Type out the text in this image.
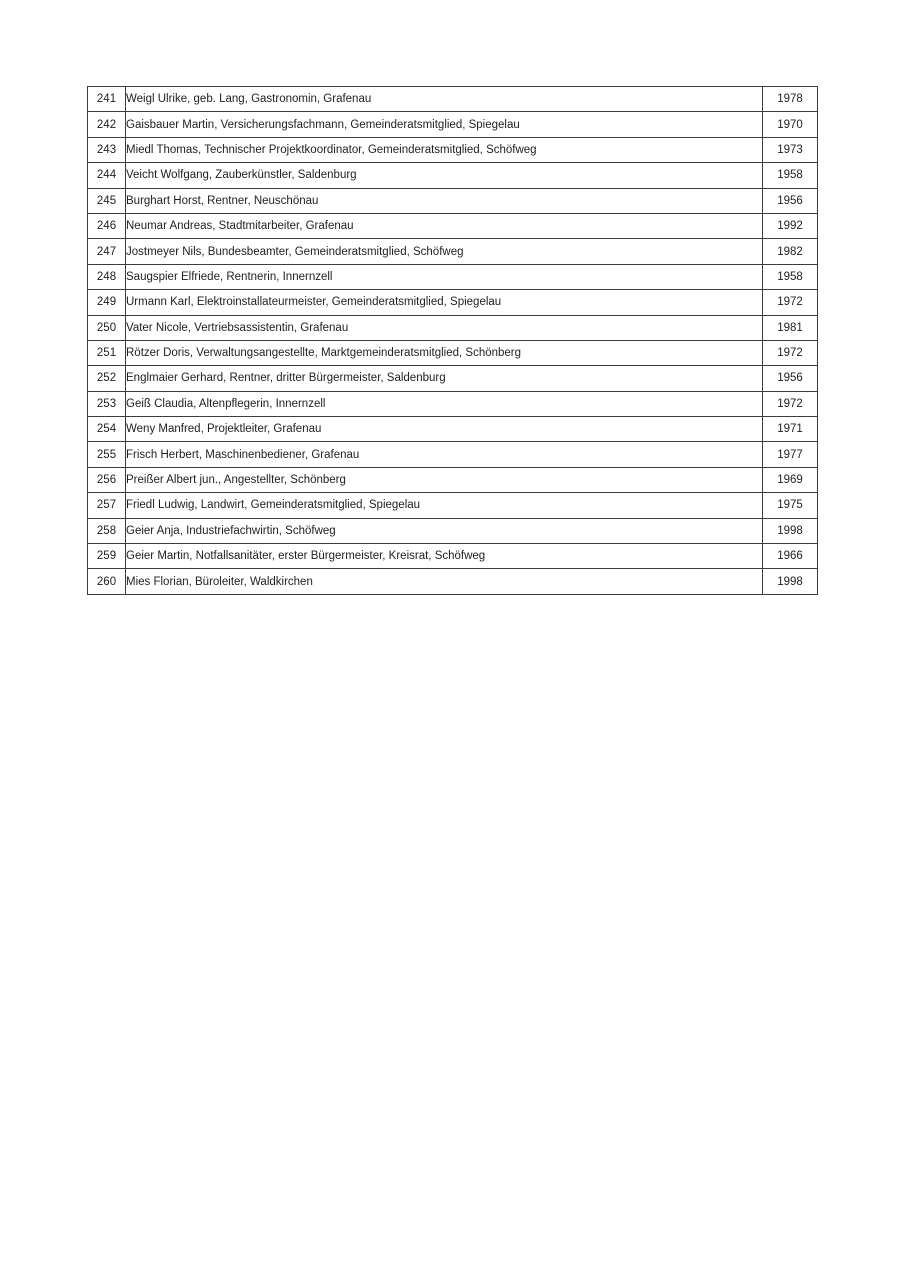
241	Weigl Ulrike, geb. Lang, Gastronomin, Grafenau	1978
242	Gaisbauer Martin, Versicherungsfachmann, Gemeinderatsmitglied, Spiegelau	1970
243	Miedl Thomas, Technischer Projektkoordinator, Gemeinderatsmitglied, Schöfweg	1973
244	Veicht Wolfgang, Zauberkünstler, Saldenburg	1958
245	Burghart Horst, Rentner, Neuschönau	1956
246	Neumar Andreas, Stadtmitarbeiter, Grafenau	1992
247	Jostmeyer Nils, Bundesbeamter, Gemeinderatsmitglied, Schöfweg	1982
248	Saugspier Elfriede, Rentnerin, Innernzell	1958
249	Urmann Karl, Elektroinstallateurmeister, Gemeinderatsmitglied, Spiegelau	1972
250	Vater Nicole, Vertriebsassistentin, Grafenau	1981
251	Rötzer Doris, Verwaltungsangestellte, Marktgemeinderatsmitglied, Schönberg	1972
252	Englmaier Gerhard, Rentner, dritter Bürgermeister, Saldenburg	1956
253	Geiß Claudia, Altenpflegerin, Innernzell	1972
254	Weny Manfred, Projektleiter, Grafenau	1971
255	Frisch Herbert, Maschinenbediener, Grafenau	1977
256	Preißer Albert jun., Angestellter, Schönberg	1969
257	Friedl Ludwig, Landwirt, Gemeinderatsmitglied, Spiegelau	1975
258	Geier Anja, Industriefachwirtin, Schöfweg	1998
259	Geier Martin, Notfallsanitäter, erster Bürgermeister, Kreisrat, Schöfweg	1966
260	Mies Florian, Büroleiter, Waldkirchen	1998
